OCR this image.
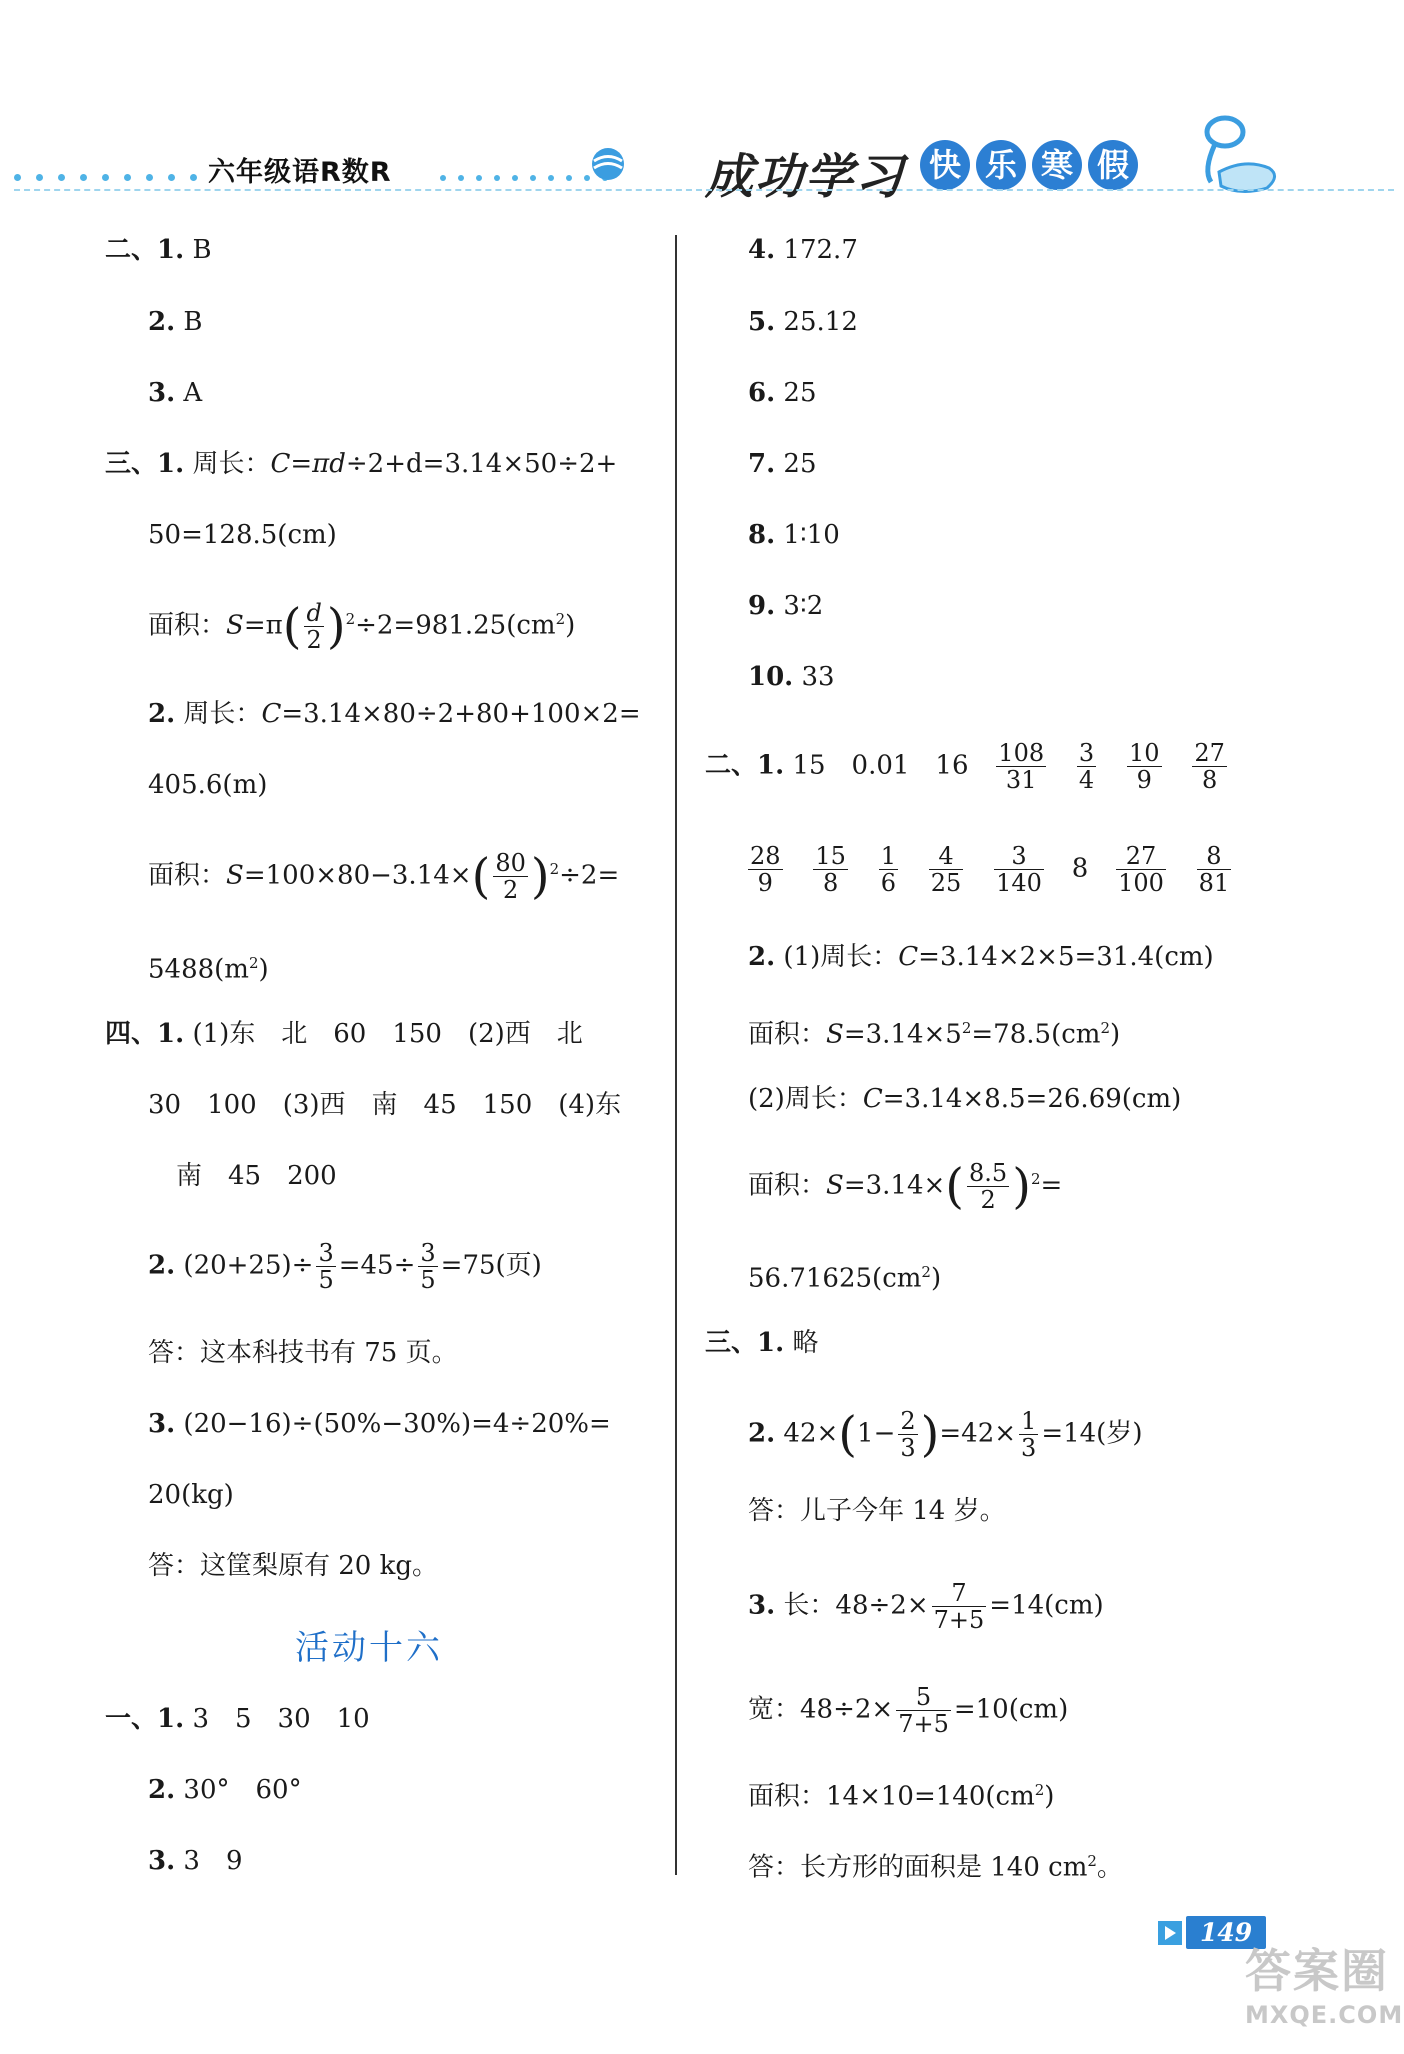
六年级语R数R	成功学习 快 乐 寒 假
二、1. B
2. B
3. A
三、1. 周长：C=πd÷2+d=3.14×50÷2+
50=128.5(cm)
面积：$S=\pi( \frac{d}{2} )^2\div 2=981.25(cm^2)$
2. 周长：C=3.14×80÷2+80+100×2=
405.6(m)
面积：$S=100\times 80-3.14\times( \frac{80}{2} )^2\div 2=$
$5488(m^2)$
四、1. (1)东　北　60　150　(2)西　北
30　100　(3)西　南　45　150　(4)东
南　45　200
2. $(20+25)\div \frac{3}{5} =45\div \frac{3}{5} =75$(页)
答：这本科技书有 75 页。
3. (20−16)÷(50%−30%)=4÷20%=
20(kg)
答：这筐梨原有 20 kg。
活动十六
一、1. 3　5　30　10
2. 30°　60°
3. 3　9
4. 172.7
5. 25.12
6. 25
7. 25
8. 1∶10
9. 3∶2
10. 33
二、1. 15　0.01　$16 \frac{108}{31}$
$\frac{3}{4}$
$\frac{10}{9}$
$\frac{27}{8}$
$\frac{28}{9}$
$\frac{15}{8}$
$\frac{1}{6}$
$\frac{4}{25}$
$\frac{3}{140} 8 \frac{27}{100}$
$\frac{8}{81}$
2. (1)周长：C=3.14×2×5=31.4(cm)
面积：$S=3.14\times 5^2=78.5(cm^2)$
(2)周长：C=3.14×8.5=26.69(cm)
面积：$S=3.14\times( \frac{8.5}{2} )^2=$
$56.71625(cm^2)$
三、1. 略
2. $42\times(1- \frac{2}{3} )=42\times \frac{1}{3} =14$(岁)
答：儿子今年 14 岁。
3. 长：$48\div 2\times \frac{7}{7+5} =14(cm)$
宽：$48\div 2\times \frac{5}{7+5} =10(cm)$
面积：$14\times 10=140(cm^2)$
答：长方形的面积是 140 $cm^2$。
149
答案圈
MXQE.COM
